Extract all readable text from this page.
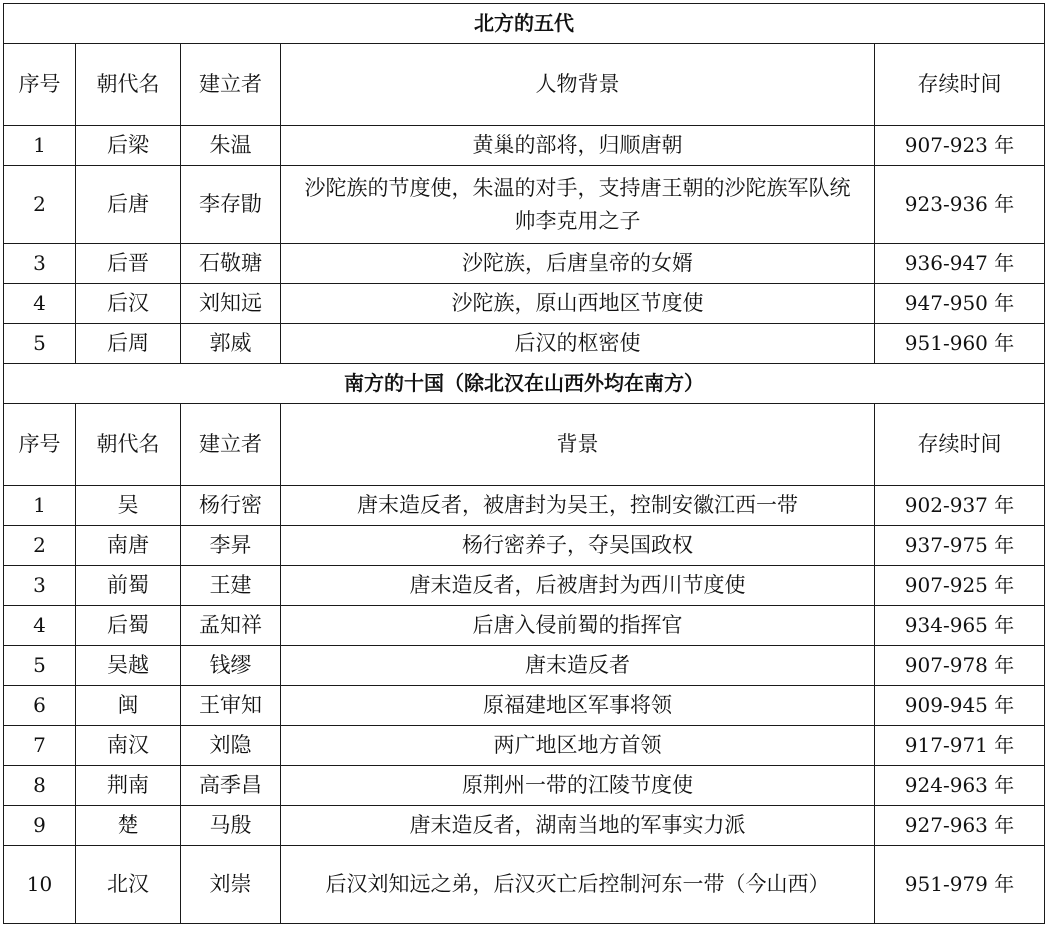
北方的五代				
序号	朝代名	建立者	人物背景	存续时间
1	后梁	朱温	黄巢的部将，归顺唐朝	907-923 年
2	后唐	李存勖	沙陀族的节度使，朱温的对手，支持唐王朝的沙陀族军队统帅李克用之子	923-936 年
3	后晋	石敬瑭	沙陀族，后唐皇帝的女婿	936-947 年
4	后汉	刘知远	沙陀族，原山西地区节度使	947-950 年
5	后周	郭威	后汉的枢密使	951-960 年
南方的十国（除北汉在山西外均在南方）				
序号	朝代名	建立者	背景	存续时间
1	吴	杨行密	唐末造反者，被唐封为吴王，控制安徽江西一带	902-937 年
2	南唐	李昇	杨行密养子，夺吴国政权	937-975 年
3	前蜀	王建	唐末造反者，后被唐封为西川节度使	907-925 年
4	后蜀	孟知祥	后唐入侵前蜀的指挥官	934-965 年
5	吴越	钱缪	唐末造反者	907-978 年
6	闽	王审知	原福建地区军事将领	909-945 年
7	南汉	刘隐	两广地区地方首领	917-971 年
8	荆南	高季昌	原荆州一带的江陵节度使	924-963 年
9	楚	马殷	唐末造反者，湖南当地的军事实力派	927-963 年
10	北汉	刘崇	后汉刘知远之弟，后汉灭亡后控制河东一带（今山西）	951-979 年
